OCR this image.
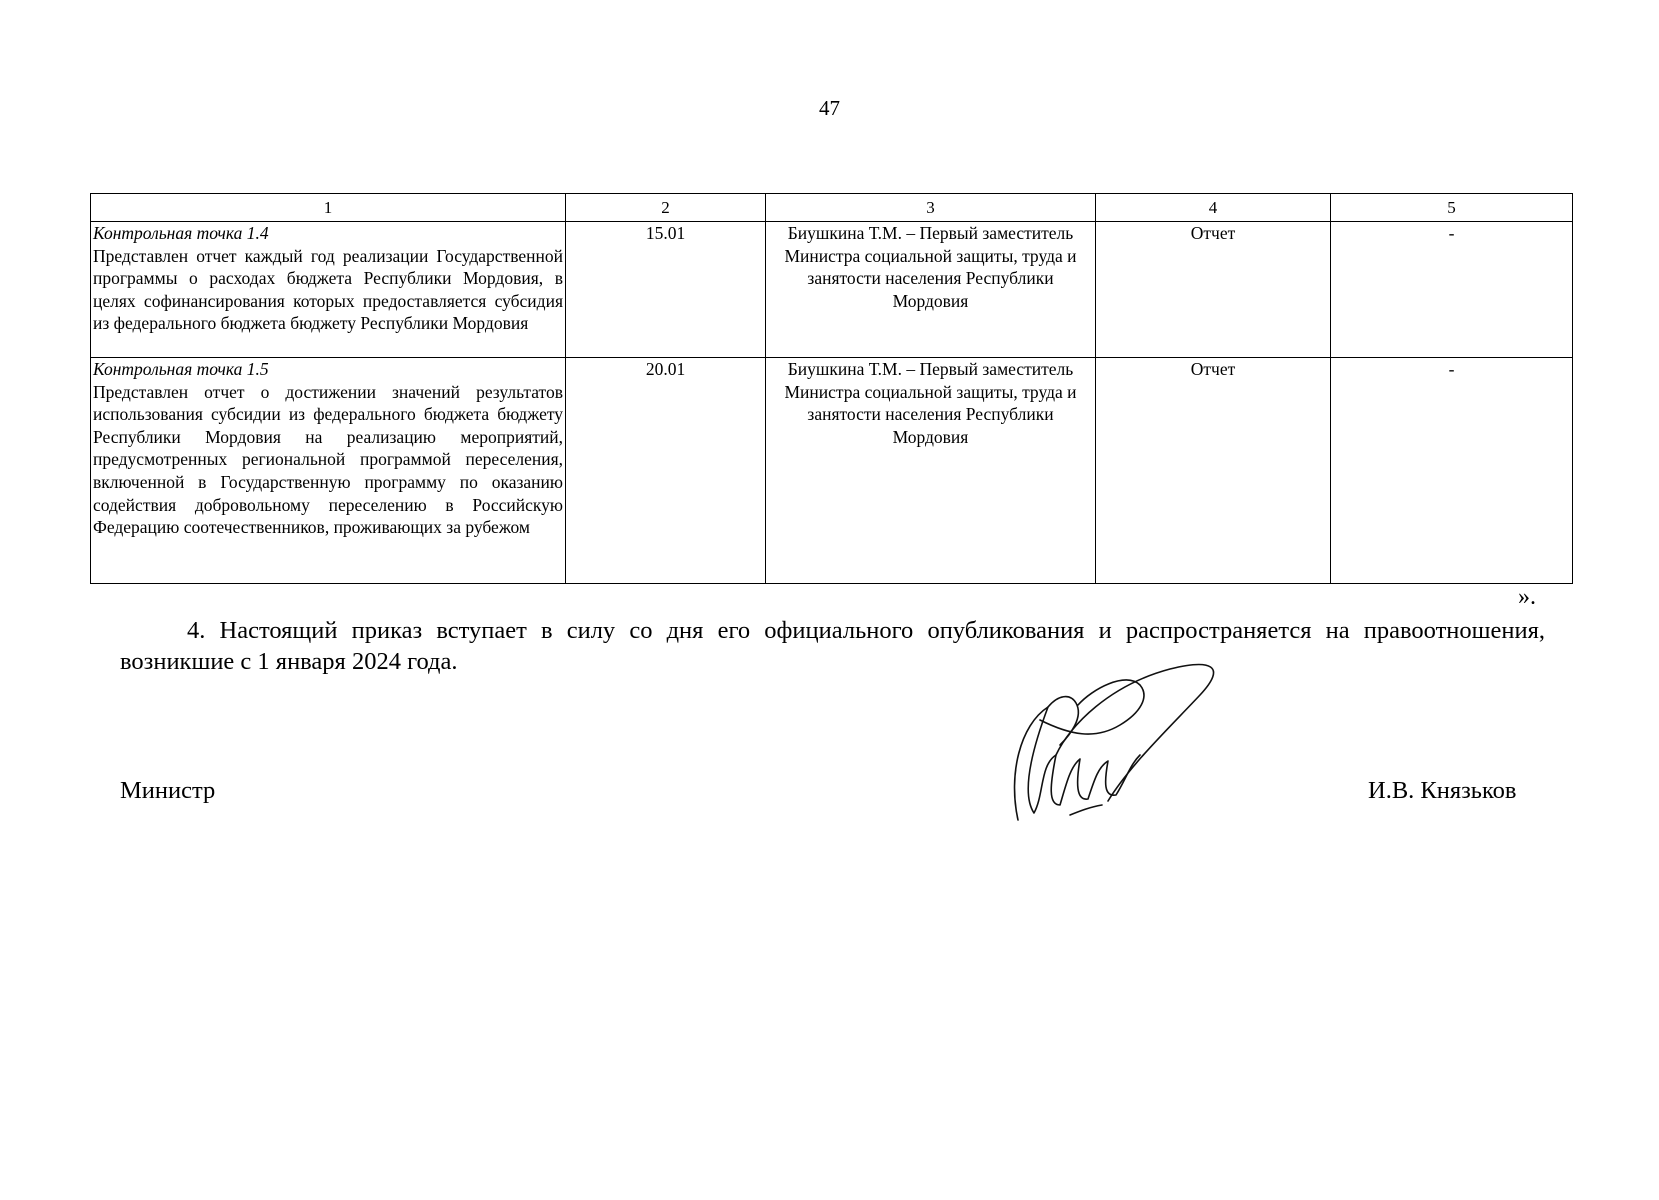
47
1	2	3	4	5

Контрольная точка 1.4
Представлен отчет каждый год реализации Государственной программы о расходах бюджета Республики Мордовия, в целях софинансирования которых предоставляется субсидия из федерального бюджета бюджету Республики Мордовия	15.01	Биушкина Т.М. – Первый заместитель Министра социальной защиты, труда и занятости населения Республики Мордовия	Отчет	-

Контрольная точка 1.5
Представлен отчет о достижении значений результатов использования субсидии из федерального бюджета бюджету Республики Мордовия на реализацию мероприятий, предусмотренных региональной программой переселения, включенной в Государственную программу по оказанию содействия добровольному переселению в Российскую Федерацию соотечественников, проживающих за рубежом	20.01	Биушкина Т.М. – Первый заместитель Министра социальной защиты, труда и занятости населения Республики Мордовия	Отчет	-
».
4. Настоящий приказ вступает в силу со дня его официального опубликования и распространяется на правоотношения, возникшие с 1 января 2024 года.
Министр	И.В. Князьков
